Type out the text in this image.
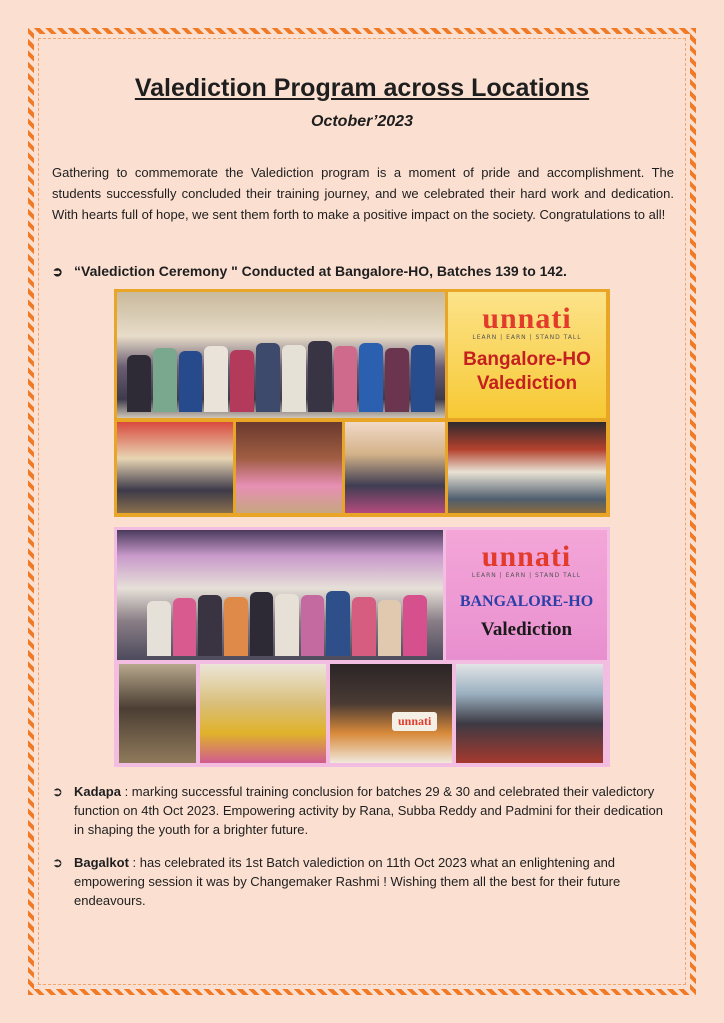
Valediction Program across Locations
October’2023

Gathering to commemorate the Valediction program is a moment of pride and accomplishment. The students successfully concluded their training journey, and we celebrated their hard work and dedication. With hearts full of hope, we sent them forth to make a positive impact on the society. Congratulations to all!

➲ “Valediction Ceremony " Conducted at Bangalore-HO, Batches 139 to 142.
unnati
LEARN | EARN | STAND TALL
Bangalore-HO
Valediction
unnati
LEARN | EARN | STAND TALL
BANGALORE-HO
Valediction
unnati
➲ Kadapa : marking successful training conclusion for batches 29 & 30 and celebrated their valedictory function on 4th Oct 2023. Empowering activity by Rana, Subba Reddy and Padmini for their dedication in shaping the youth for a brighter future.
➲ Bagalkot : has celebrated its 1st Batch valediction on 11th Oct 2023 what an enlightening and empowering session it was by Changemaker Rashmi ! Wishing them all the best for their future endeavours.
